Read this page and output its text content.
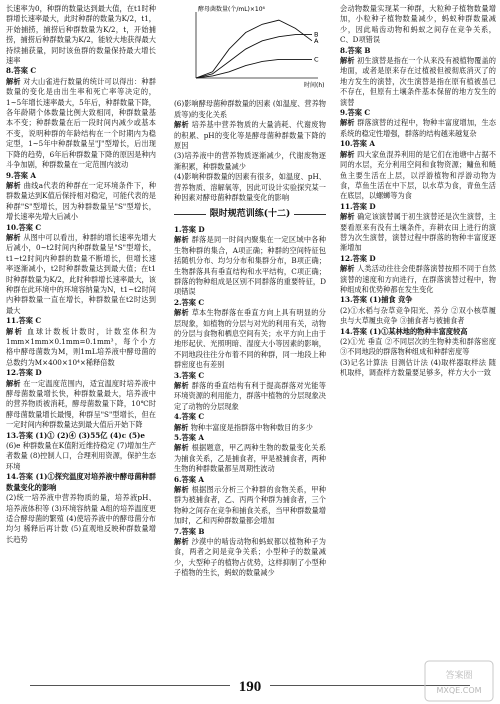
长速率为0，种群的数量达到最大值，在t1时种群增长速率最大，此时种群的数量为K/2，t1，开始捕捞，捕捞后种群数量为K/2，t，开始捕捞，捕捞后种群数量为K/2，能较大地获得最大持续捕获量，同时该鱼群的数量保持最大增长速率

8.答案 C

解析 对大山雀进行数量的统计可以得出：种群数量的变化是由出生率和死亡率等决定的，1~5年增长速率最大，5年后，种群数量下降，各年龄期个体数量比例大致相同，种群数量基本不变；种群数量在后一段时间内减少或基本不变，说明种群的年龄结构在一个时期内为稳定型，1~5年中种群数量呈"J"型增长，后出现下降的趋势，6年后种群数量下降的原因是种内斗争加剧，种群数量在一定范围内波动

9.答案 A

解析 曲线a代表的种群在一定环境条件下，种群数量达到K值后保持相对稳定，可能代表的是种群"S"型增长，因为种群数量呈"S"型增长，增长速率先增大后减小

10.答案 C

解析 从图中可以看出，种群的增长速率先增大后减小，0~t2时间内种群数量呈"S"型增长，t1~t2时间内种群的数量不断增长，但增长速率逐渐减小，t2时种群数量达到最大值；在t1时种群数量为K/2，此时种群增长速率最大，该种群在此环境中的环境容纳量为N，t1~t2时间内种群数量一直在增长，种群数量在t2时达到最大

11.答案 C

解析 血球计数板计数时，计数室体积为1mm×1mm×0.1mm=0.1mm³，每个小方格中酵母菌数为M，则1mL培养液中酵母菌的总数约为M×400×10⁴×稀释倍数

12.答案 D

解析 在一定温度范围内，适宜温度时培养液中酵母菌数量增长快，种群数量最大，培养液中的营养物质被消耗，酵母菌数量下降，10℃时酵母菌数量增长最慢，种群呈"S"型增长，但在一定时间内种群数量达到最大值后开始下降

13.答案 (1)① (2)④ (3)55亿 (4)c (5)e

(6)e 种群数量在K值附近维持稳定 (7)增加生产者数量 (8)控制人口，合理利用资源，保护生态环境

14.答案 (1)①探究温度对培养液中酵母菌种群数量变化的影响

(2)统一培养液中营养物质的量，培养液pH、培养液体积等 (3)环境容纳量 A组的培养温度更适合酵母菌的繁殖 (4)使培养液中的酵母菌分布均匀 稀释后再计数 (5)直观地反映种群数量增长趋势

酵母菌数量(个/mL)×10⁶
时间(h)
A
B
C

(6)影响酵母菌种群数量的因素 (如温度、营养物质等)的变化关系

解析 培养基中营养物质的大量消耗、代谢废物的积累、pH的变化等是酵母菌种群数量下降的原因

(3)培养液中的营养物质逐渐减少，代谢废物逐渐积累，种群数量减少

(4)影响种群数量的因素有很多，如温度、pH、营养物质、溶解氧等，因此可设计实验探究某一种因素对酵母菌种群数量变化的影响

限时规范训练(十二)

1.答案 D

解析 群落是同一时间内聚集在一定区域中各种生物种群的集合，A项正确；种群的空间特征包括随机分布、均匀分布和集群分布，B项正确；生物群落具有垂直结构和水平结构，C项正确；群落的物种组成是区别不同群落的重要特征，D项错误

2.答案 C

解析 草本生物群落在垂直方向上具有明显的分层现象，如植物的分层与对光的利用有关，动物的分层与食物和栖息空间有关；水平方向上由于地形起伏、光照明暗、湿度大小等因素的影响，不同地段往往分布着不同的种群，同一地段上种群密度也有差别

3.答案 C

解析 群落的垂直结构有利于提高群落对光能等环境资源的利用能力，群落中植物的分层现象决定了动物的分层现象

4.答案 C

解析 物种丰富度是指群落中物种数目的多少

5.答案 A

解析 根据题意，甲乙两种生物的数量变化关系为捕食关系，乙是捕食者，甲是被捕食者，两种生物的种群数量都呈周期性波动

6.答案 A

解析 根据图示分析三个种群的食物关系，甲种群为被捕食者，乙、丙两个种群为捕食者，三个物种之间存在竞争和捕食关系，当甲种群数量增加时，乙和丙种群数量都会增加

7.答案 B

解析 沙漠中的啮齿动物和蚂蚁都以植物种子为食，两者之间是竞争关系；小型种子的数量减少，大型种子的植物占优势，这样抑制了小型种子植物的生长，蚂蚁的数量减少

会动物数量实现某一种群，大粒种子植物数量增加，小粒种子植物数量减少，蚂蚁种群数量减少，因此啮齿动物和蚂蚁之间存在竞争关系，C、D项错误

8.答案 B

解析 初生演替是指在一个从来没有被植物覆盖的地面，或者是原来存在过植被但被彻底消灭了的地方发生的演替，次生演替是指在原有植被虽已不存在，但原有土壤条件基本保留的地方发生的演替

9.答案 C

解析 群落演替的过程中，物种丰富度增加，生态系统的稳定性增强，群落的结构越来越复杂

10.答案 A

解析 四大家鱼混养利用的是它们在池塘中占据不同的水层，充分利用空间和食物资源；鳙鱼和鲢鱼主要生活在上层，以浮游植物和浮游动物为食，草鱼生活在中下层，以水草为食，青鱼生活在底层，以螺蛳等为食

11.答案 D

解析 确定该演替属于初生演替还是次生演替，主要看原来有没有土壤条件，弃耕农田上进行的演替为次生演替，演替过程中群落的物种丰富度逐渐增加

12.答案 D

解析 人类活动往往会使群落演替按照不同于自然演替的速度和方向进行，在群落演替过程中，物种组成和优势种都在发生变化

13.答案 (1)捕食 竞争

(2)①水稻与杂草竞争阳光、养分 ②双小核草履虫与大草履虫竞争 ③捕食者与被捕食者

14.答案 (1)①某林地的物种丰富度较高

(2)①光 垂直 ②不同层次的生物种类和群落密度 ③不同地段的群落物种组成和种群密度等

(3)记名计算法 目测估计法 (4)取样器取样法 随机取样，调查样方数量要足够多，样方大小一致

190
答案圈
MXQE.COM
